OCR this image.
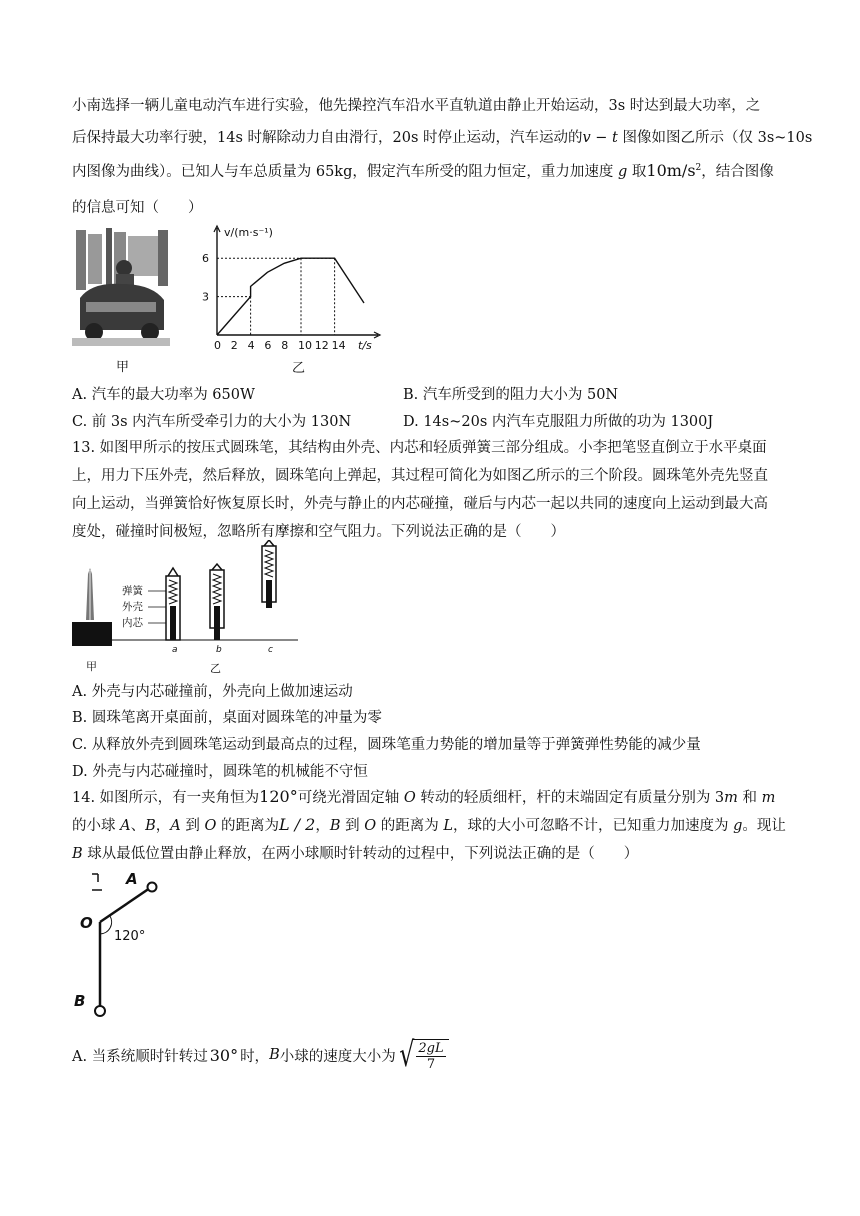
小南选择一辆儿童电动汽车进行实验，他先操控汽车沿水平直轨道由静止开始运动，3s 时达到最大功率，之
后保持最大功率行驶，14s 时解除动力自由滑行，20s 时停止运动，汽车运动的v − t 图像如图乙所示（仅 3s~10s
内图像为曲线）。已知人与车总质量为 65kg，假定汽车所受的阻力恒定，重力加速度 g 取$10m/s^2$，结合图像
的信息可知（　　）
甲
0 2 4 6 8 10 12 14
3
6
t/s
v/(m·s⁻¹)
乙
A. 汽车的最大功率为 650W	B. 汽车所受到的阻力大小为 50N
C. 前 3s 内汽车所受牵引力的大小为 130N	D. 14s~20s 内汽车克服阻力所做的功为 1300J
13. 如图甲所示的按压式圆珠笔，其结构由外壳、内芯和轻质弹簧三部分组成。小李把笔竖直倒立于水平桌面
上，用力下压外壳，然后释放，圆珠笔向上弹起，其过程可简化为如图乙所示的三个阶段。圆珠笔外壳先竖直
向上运动，当弹簧恰好恢复原长时，外壳与静止的内芯碰撞，碰后与内芯一起以共同的速度向上运动到最大高
度处，碰撞时间极短，忽略所有摩擦和空气阻力。下列说法正确的是（　　）
弹簧
外壳
内芯
a	b	c
甲	乙
A. 外壳与内芯碰撞前，外壳向上做加速运动
B. 圆珠笔离开桌面前，桌面对圆珠笔的冲量为零
C. 从释放外壳到圆珠笔运动到最高点的过程，圆珠笔重力势能的增加量等于弹簧弹性势能的减少量
D. 外壳与内芯碰撞时，圆珠笔的机械能不守恒
14. 如图所示，有一夹角恒为120°可绕光滑固定轴 O 转动的轻质细杆，杆的末端固定有质量分别为 3m 和 m
的小球 A、B，A 到 O 的距离为L / 2，B 到 O 的距离为 L，球的大小可忽略不计，已知重力加速度为 g。现让
B 球从最低位置由静止释放，在两小球顺时针转动的过程中，下列说法正确的是（　　）
A
O
B
120°
A. 当系统顺时针转过 30° 时， B 小球的速度大小为 √ $\frac{2gL}{7}$
